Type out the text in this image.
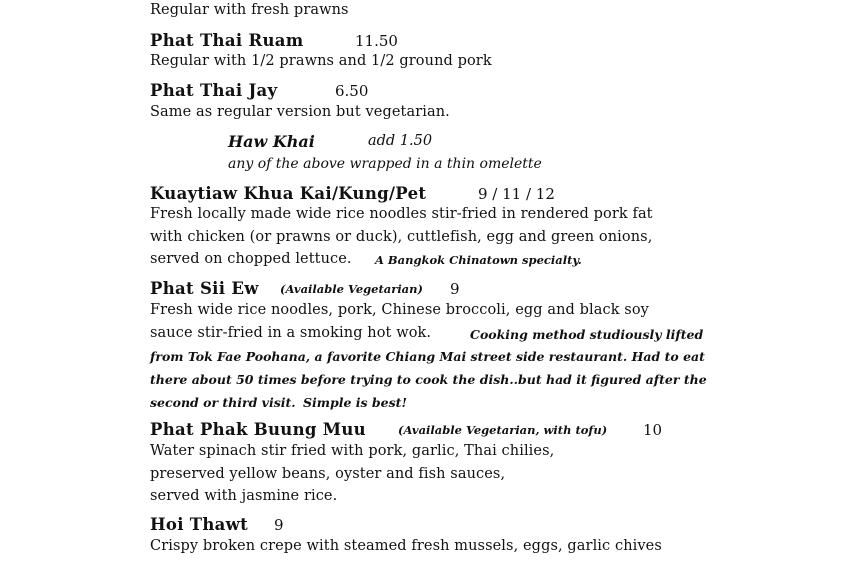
Regular with fresh prawns
Phat Thai Ruam	11.50
Regular with 1/2 prawns and 1/2 ground pork
Phat Thai Jay	6.50
Same as regular version but vegetarian.
Haw Khai	add 1.50
any of the above wrapped in a thin omelette
Kuaytiaw Khua Kai/Kung/Pet	9 / 11 / 12
Fresh locally made wide rice noodles stir-fried in rendered pork fat
with chicken (or prawns or duck), cuttlefish, egg and green onions,
served on chopped lettuce. A Bangkok Chinatown specialty.
Phat Sii Ew (Available Vegetarian) 9
Fresh wide rice noodles, pork, Chinese broccoli, egg and black soy
sauce stir-fried in a smoking hot wok.	Cooking method studiously lifted
from Tok Fae Poohana, a favorite Chiang Mai street side restaurant. Had to eat
there about 50 times before trying to cook the dish..but had it figured after the
second or third visit. Simple is best!
Phat Phak Buung Muu	(Available Vegetarian, with tofu) 10
Water spinach stir fried with pork, garlic, Thai chilies,
preserved yellow beans, oyster and fish sauces,
served with jasmine rice.
Hoi Thawt 9
Crispy broken crepe with steamed fresh mussels, eggs, garlic chives
